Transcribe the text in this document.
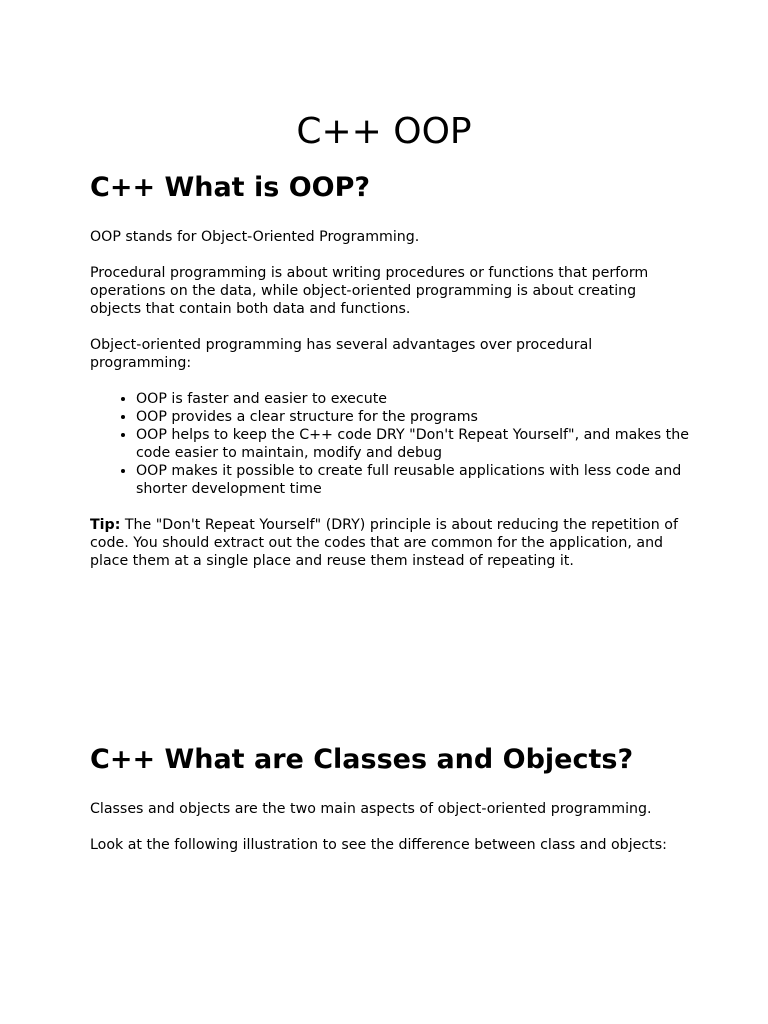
C++ OOP
C++ What is OOP?

OOP stands for Object-Oriented Programming.

Procedural programming is about writing procedures or functions that perform operations on the data, while object-oriented programming is about creating objects that contain both data and functions.

Object-oriented programming has several advantages over procedural programming:

• OOP is faster and easier to execute
• OOP provides a clear structure for the programs
• OOP helps to keep the C++ code DRY "Don't Repeat Yourself", and makes the code easier to maintain, modify and debug
• OOP makes it possible to create full reusable applications with less code and shorter development time

Tip: The "Don't Repeat Yourself" (DRY) principle is about reducing the repetition of code. You should extract out the codes that are common for the application, and place them at a single place and reuse them instead of repeating it.

C++ What are Classes and Objects?

Classes and objects are the two main aspects of object-oriented programming.

Look at the following illustration to see the difference between class and objects:
